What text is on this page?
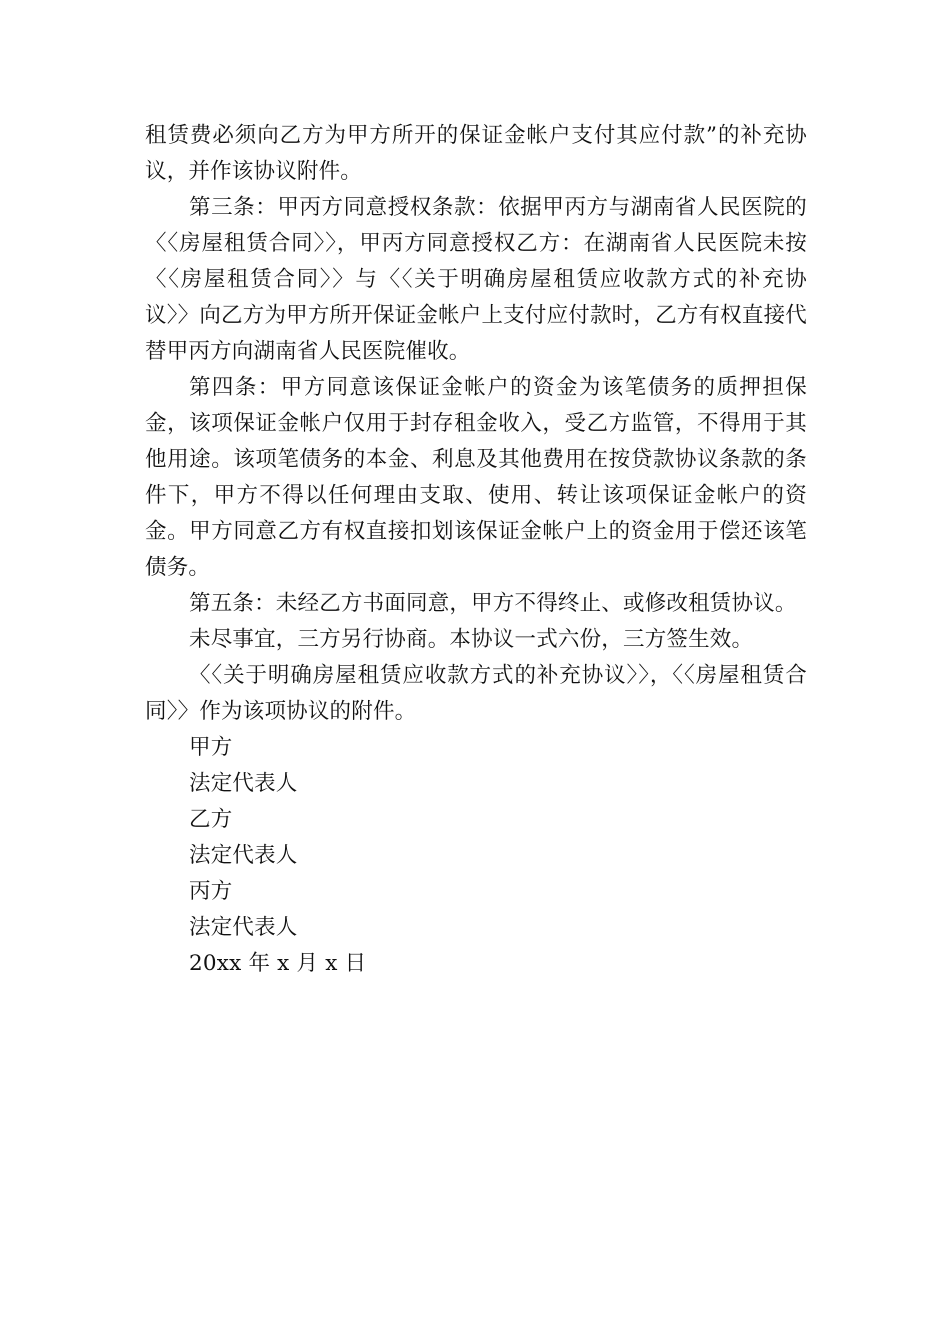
租赁费必须向乙方为甲方所开的保证金帐户支付其应付款”的补充协议，并作该协议附件。

第三条：甲丙方同意授权条款：依据甲丙方与湖南省人民医院的〈〈房屋租赁合同〉〉，甲丙方同意授权乙方：在湖南省人民医院未按〈〈房屋租赁合同〉〉与〈〈关于明确房屋租赁应收款方式的补充协议〉〉向乙方为甲方所开保证金帐户上支付应付款时，乙方有权直接代替甲丙方向湖南省人民医院催收。

第四条：甲方同意该保证金帐户的资金为该笔债务的质押担保金，该项保证金帐户仅用于封存租金收入，受乙方监管，不得用于其他用途。该项笔债务的本金、利息及其他费用在按贷款协议条款的条件下，甲方不得以任何理由支取、使用、转让该项保证金帐户的资金。甲方同意乙方有权直接扣划该保证金帐户上的资金用于偿还该笔债务。

第五条：未经乙方书面同意，甲方不得终止、或修改租赁协议。

未尽事宜，三方另行协商。本协议一式六份，三方签生效。

〈〈关于明确房屋租赁应收款方式的补充协议〉〉，〈〈房屋租赁合同〉〉作为该项协议的附件。

甲方

法定代表人

乙方

法定代表人

丙方

法定代表人

20xx 年 x 月 x 日
